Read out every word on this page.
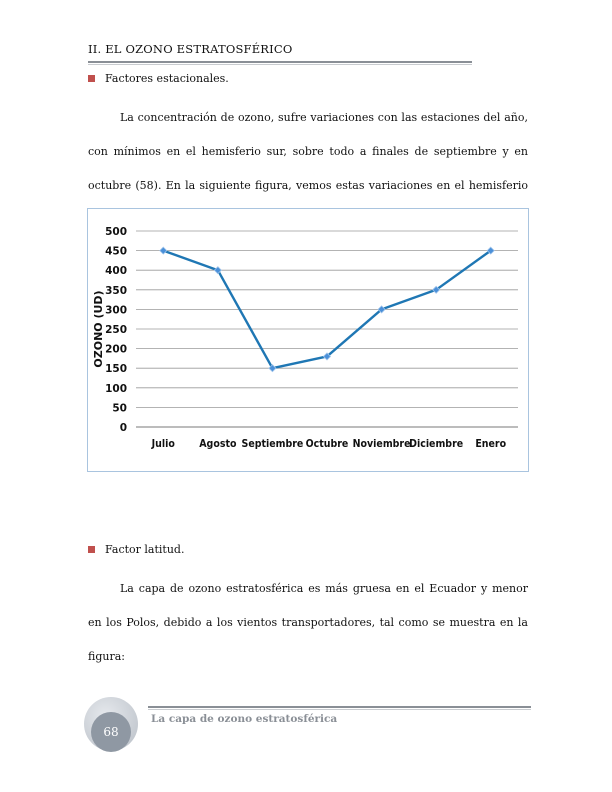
II. EL OZONO ESTRATOSFÉRICO
Factores estacionales.
La concentración de ozono, sufre variaciones con las estaciones del año, con mínimos en el hemisferio sur, sobre todo a finales de septiembre y en octubre (58). En la siguiente figura, vemos estas variaciones en el hemisferio
0
50
100
150
200
250
300
350
400
450
500
Julio Agosto Septiembre Octubre Noviembre
Diciembre Enero
OZONO (UD)
Factor latitud.
La capa de ozono estratosférica es más gruesa en el Ecuador y menor en los Polos, debido a los vientos transportadores, tal como se muestra en la figura:
68
La capa de ozono estratosférica
